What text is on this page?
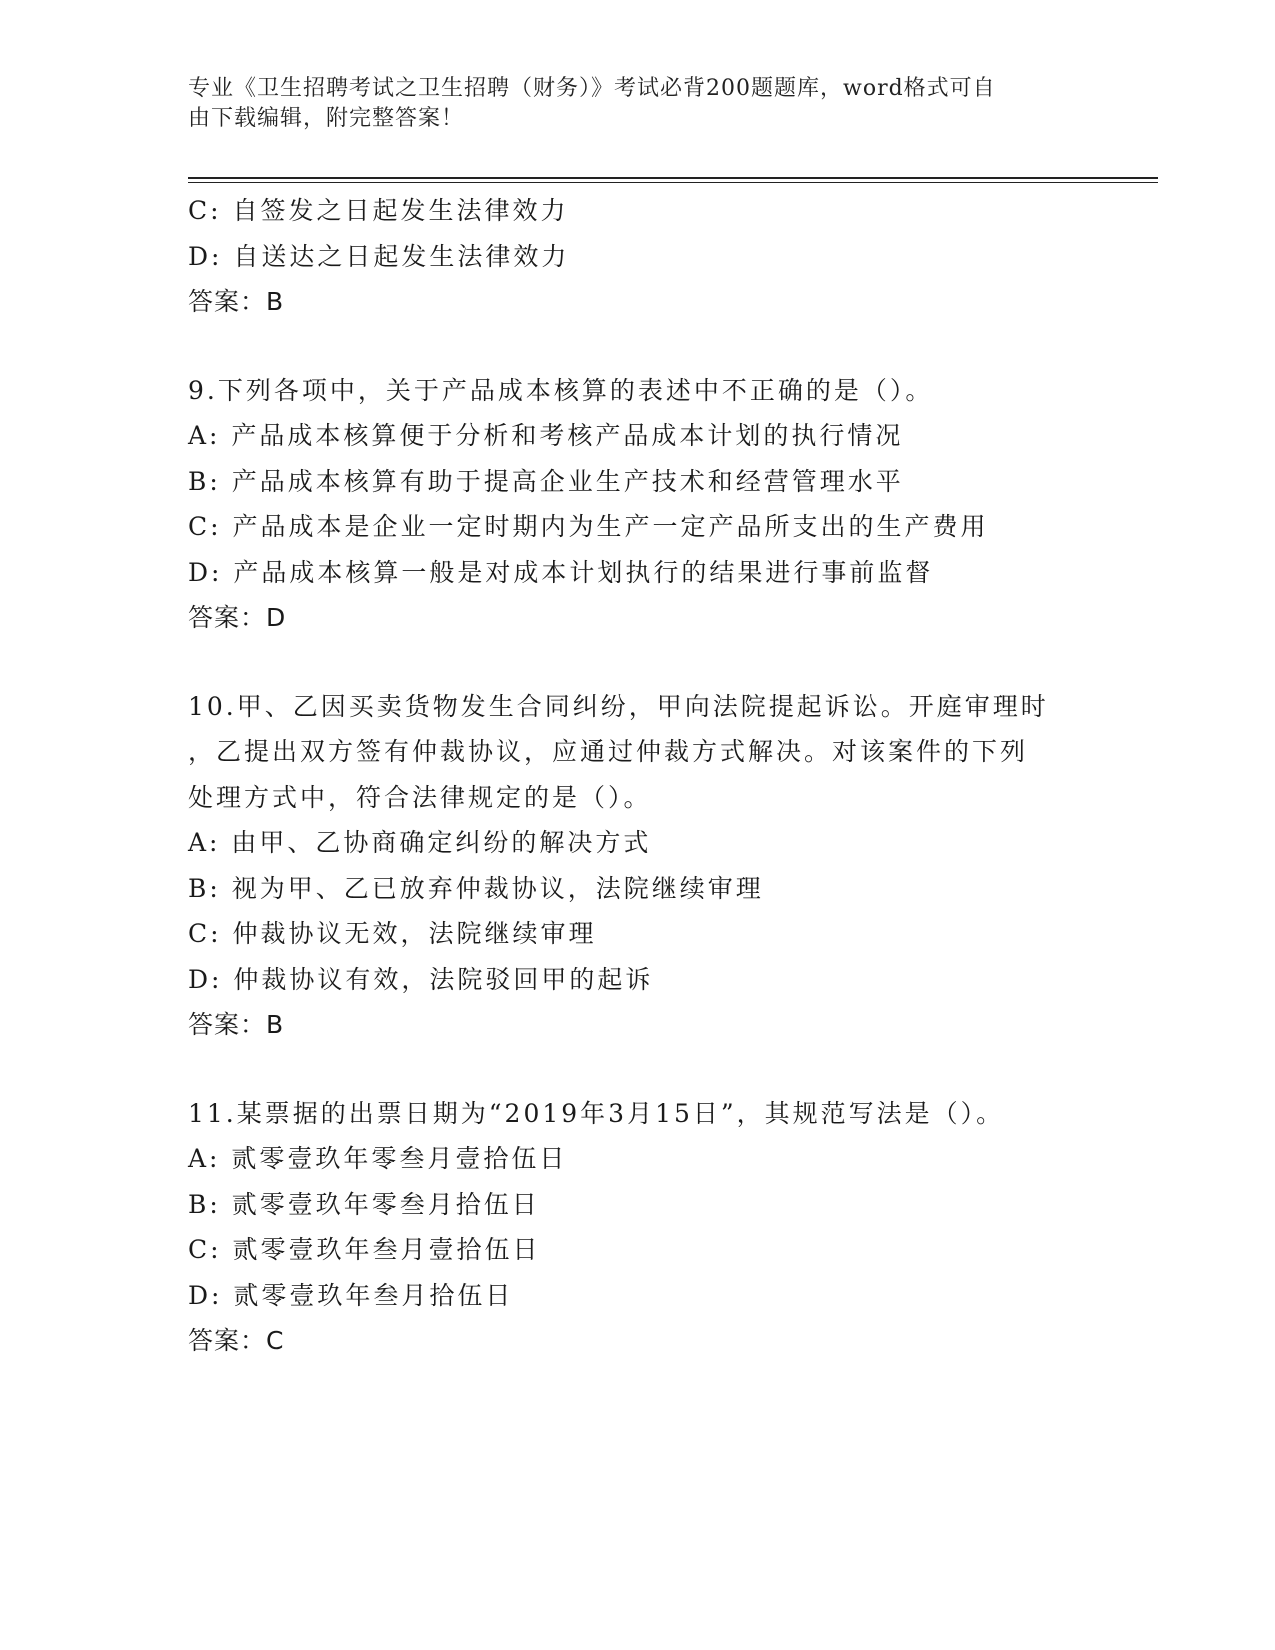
专业《卫生招聘考试之卫生招聘（财务）》考试必背200题题库，word格式可自
由下载编辑，附完整答案！
C: 自签发之日起发生法律效力
D: 自送达之日起发生法律效力
答案：B
9.下列各项中，关于产品成本核算的表述中不正确的是（）。
A: 产品成本核算便于分析和考核产品成本计划的执行情况
B: 产品成本核算有助于提高企业生产技术和经营管理水平
C: 产品成本是企业一定时期内为生产一定产品所支出的生产费用
D: 产品成本核算一般是对成本计划执行的结果进行事前监督
答案：D
10.甲、乙因买卖货物发生合同纠纷，甲向法院提起诉讼。开庭审理时
，乙提出双方签有仲裁协议，应通过仲裁方式解决。对该案件的下列
处理方式中，符合法律规定的是（）。
A: 由甲、乙协商确定纠纷的解决方式
B: 视为甲、乙已放弃仲裁协议，法院继续审理
C: 仲裁协议无效，法院继续审理
D: 仲裁协议有效，法院驳回甲的起诉
答案：B
11.某票据的出票日期为“2019年3月15日”，其规范写法是（）。
A: 贰零壹玖年零叁月壹拾伍日
B: 贰零壹玖年零叁月拾伍日
C: 贰零壹玖年叁月壹拾伍日
D: 贰零壹玖年叁月拾伍日
答案：C
